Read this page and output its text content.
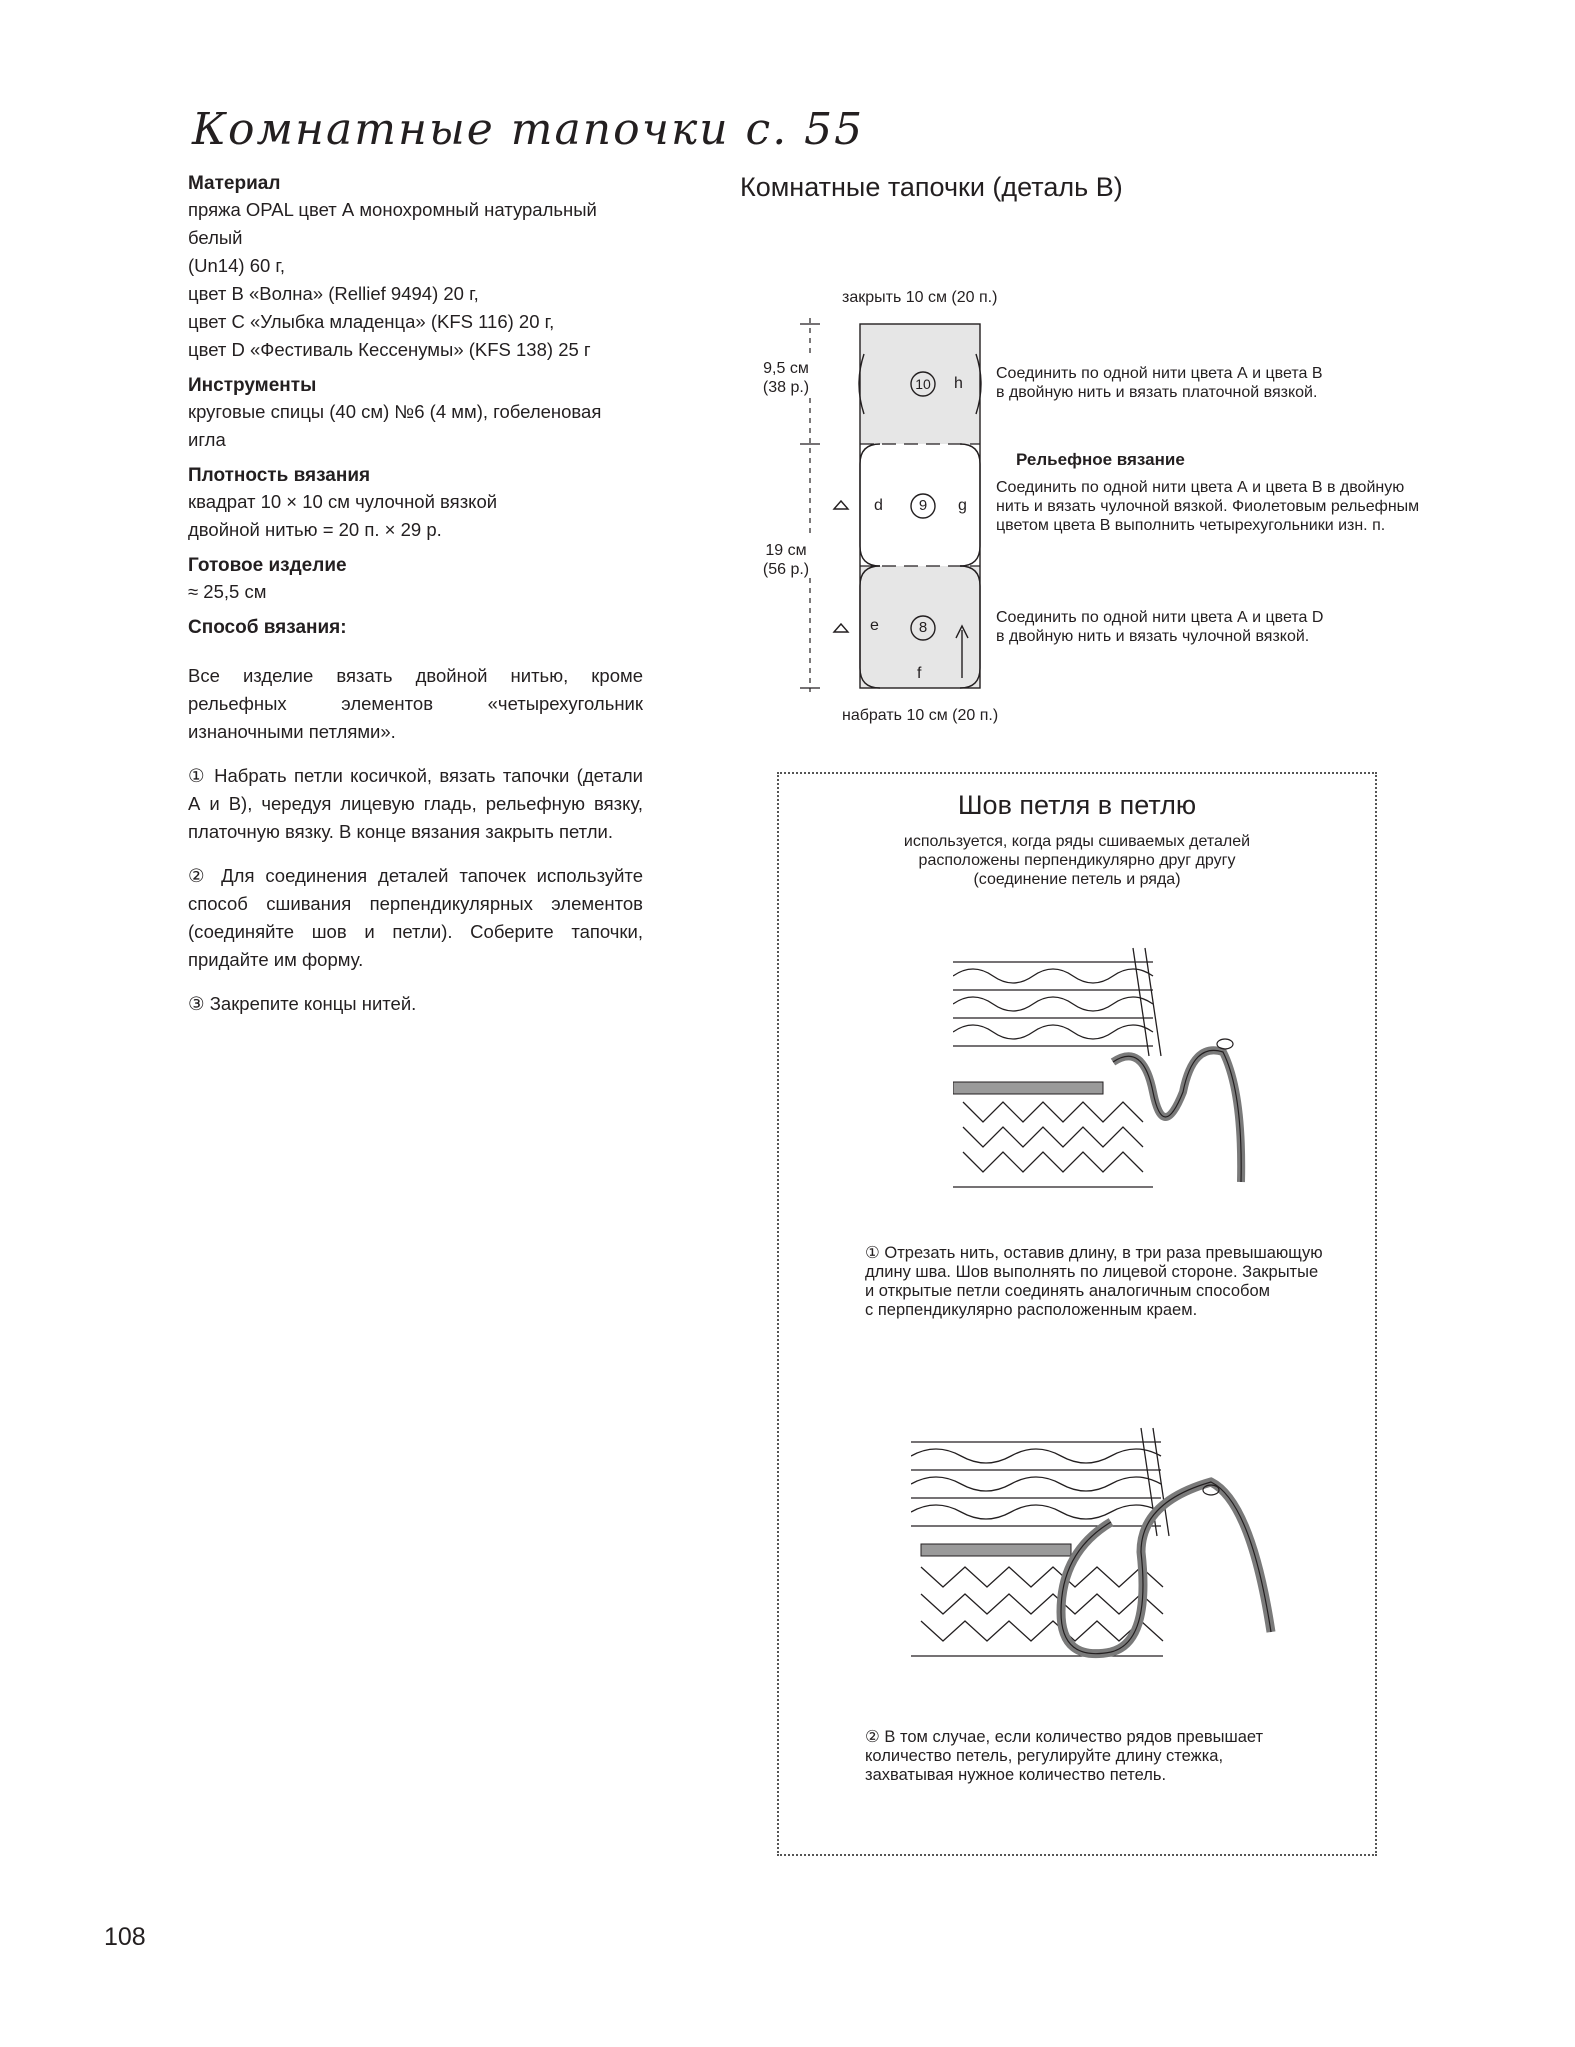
Комнатные тапочки с. 55

Материал

пряжа OPAL цвет А монохромный натуральный белый

(Un14) 60 г,

цвет B «Волна» (Rellief 9494) 20 г,

цвет C «Улыбка младенца» (KFS 116) 20 г,

цвет D «Фестиваль Кессенумы» (KFS 138) 25 г

Инструменты

круговые спицы (40 см) №6 (4 мм), гобеленовая игла

Плотность вязания

квадрат 10 × 10 см чулочной вязкой

двойной нитью = 20 п. × 29 р.

Готовое изделие

≈ 25,5 см

Способ вязания:

Все изделие вязать двойной нитью, кроме рельефных элементов «четырехугольник изнаночными петлями».

① Набрать петли косичкой, вязать тапочки (детали А и В), чередуя лицевую гладь, рельефную вязку, платочную вязку. В конце вязания закрыть петли.

② Для соединения деталей тапочек используйте способ сшивания перпендикулярных элементов (соединяйте шов и петли). Соберите тапочки, придайте им форму.

③ Закрепите концы нитей.

Комнатные тапочки (деталь В)
закрыть 10 см (20 п.)
набрать 10 см (20 п.)
9,5 см
(38 р.)
19 см
(56 р.)
h
d	g
e
f
10
9
8
Соединить по одной нити цвета А и цвета B
в двойную нить и вязать платочной вязкой.
Рельефное вязание
Соединить по одной нити цвета А и цвета B в двойную
нить и вязать чулочной вязкой. Фиолетовым рельефным
цветом цвета B выполнить четырехугольники изн. п.
Соединить по одной нити цвета А и цвета D
в двойную нить и вязать чулочной вязкой.
Шов петля в петлю
используется, когда ряды сшиваемых деталей
расположены перпендикулярно друг другу
(соединение петель и ряда)
① Отрезать нить, оставив длину, в три раза превышающую
длину шва. Шов выполнять по лицевой стороне. Закрытые
и открытые петли соединять аналогичным способом
с перпендикулярно расположенным краем.
② В том случае, если количество рядов превышает
количество петель, регулируйте длину стежка,
захватывая нужное количество петель.
108
